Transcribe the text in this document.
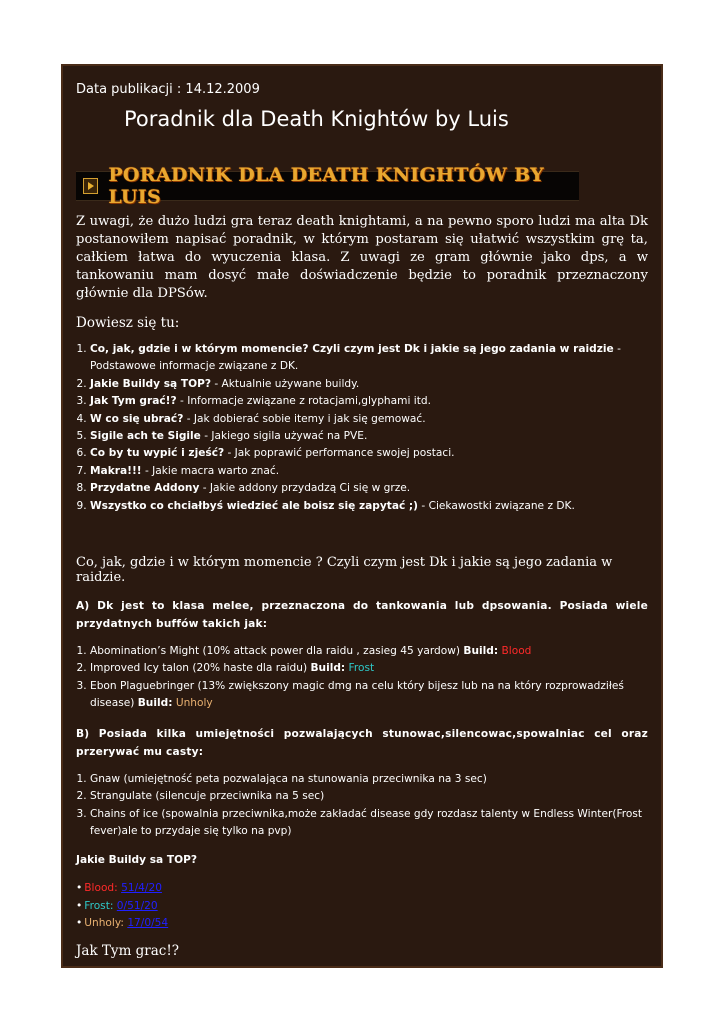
Data publikacji : 14.12.2009
Poradnik dla Death Knightów by Luis
PORADNIK DLA DEATH KNIGHTÓW BY LUIS
Z uwagi, że dużo ludzi gra teraz death knightami, a na pewno sporo ludzi ma alta Dk postanowiłem napisać poradnik, w którym postaram się ułatwić wszystkim grę ta, całkiem łatwa do wyuczenia klasa. Z uwagi ze gram głównie jako dps, a w tankowaniu mam dosyć małe doświadczenie będzie to poradnik przeznaczony głównie dla DPSów.
Dowiesz się tu:
1. Co, jak, gdzie i w którym momencie? Czyli czym jest Dk i jakie są jego zadania w raidzie - Podstawowe informacje związane z DK.
2. Jakie Buildy są TOP? - Aktualnie używane buildy.
3. Jak Tym grać!? - Informacje związane z rotacjami,glyphami itd.
4. W co się ubrać? - Jak dobierać sobie itemy i jak się gemować.
5. Sigile ach te Sigile - Jakiego sigila używać na PVE.
6. Co by tu wypić i zjeść? - Jak poprawić performance swojej postaci.
7. Makra!!! - Jakie macra warto znać.
8. Przydatne Addony - Jakie addony przydadzą Ci się w grze.
9. Wszystko co chciałbyś wiedzieć ale boisz się zapytać ;) - Ciekawostki związane z DK.
Co, jak, gdzie i w którym momencie ? Czyli czym jest Dk i jakie są jego zadania w raidzie.
A) Dk jest to klasa melee, przeznaczona do tankowania lub dpsowania. Posiada wiele przydatnych buffów takich jak:
1. Abomination’s Might (10% attack power dla raidu , zasieg 45 yardow) Build: Blood
2. Improved Icy talon (20% haste dla raidu) Build: Frost
3. Ebon Plaguebringer (13% zwiększony magic dmg na celu który bijesz lub na na który rozprowadziłeś disease) Build: Unholy
B) Posiada kilka umiejętności pozwalających stunowac,silencowac,spowalniac cel oraz przerywać mu casty:
1. Gnaw (umiejętność peta pozwalająca na stunowania przeciwnika na 3 sec)
2. Strangulate (silencuje przeciwnika na 5 sec)
3. Chains of ice (spowalnia przeciwnika,może zakładać disease gdy rozdasz talenty w Endless Winter(Frost fever)ale to przydaje się tylko na pvp)
Jakie Buildy sa TOP?
• Blood: 51/4/20
• Frost: 0/51/20
• Unholy: 17/0/54
Jak Tym grac!?
